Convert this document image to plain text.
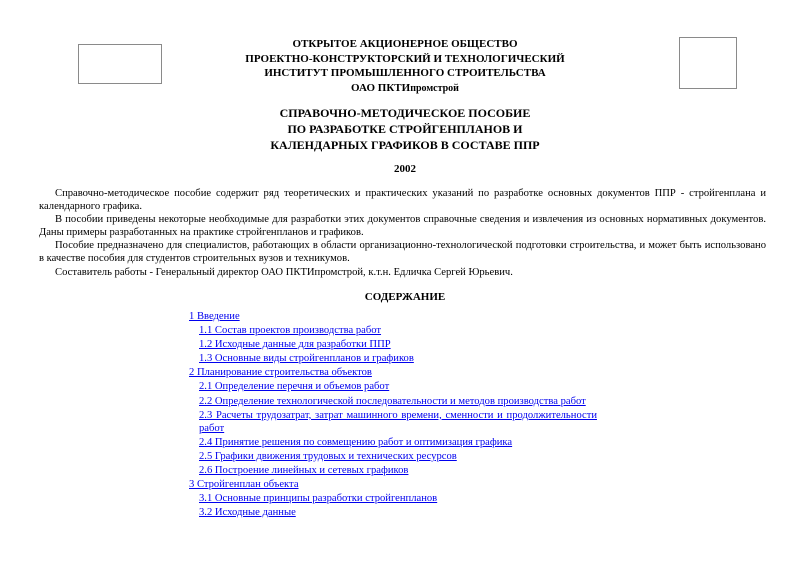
ОТКРЫТОЕ АКЦИОНЕРНОЕ ОБЩЕСТВО
ПРОЕКТНО-КОНСТРУКТОРСКИЙ И ТЕХНОЛОГИЧЕСКИЙ
ИНСТИТУТ ПРОМЫШЛЕННОГО СТРОИТЕЛЬСТВА
ОАО ПКТИпромстрой
СПРАВОЧНО-МЕТОДИЧЕСКОЕ ПОСОБИЕ
ПО РАЗРАБОТКЕ СТРОЙГЕНПЛАНОВ И
КАЛЕНДАРНЫХ ГРАФИКОВ В СОСТАВЕ ППР
2002

Справочно-методическое пособие содержит ряд теоретических и практических указаний по разработке основных документов ППР - стройгенплана и календарного графика.

В пособии приведены некоторые необходимые для разработки этих документов справочные сведения и извлечения из основных нормативных документов. Даны примеры разработанных на практике стройгенпланов и графиков.

Пособие предназначено для специалистов, работающих в области организационно-технологической подготовки строительства, и может быть использовано в качестве пособия для студентов строительных вузов и техникумов.

Составитель работы - Генеральный директор ОАО ПКТИпромстрой, к.т.н. Едличка Сергей Юрьевич.

СОДЕРЖАНИЕ
1 Введение
1.1 Состав проектов производства работ
1.2 Исходные данные для разработки ППР
1.3 Основные виды стройгенпланов и графиков
2 Планирование строительства объектов
2.1 Определение перечня и объемов работ
2.2 Определение технологической последовательности и методов производства работ
2.3 Расчеты трудозатрат, затрат машинного времени, сменности и продолжительности работ
2.4 Принятие решения по совмещению работ и оптимизация графика
2.5 Графики движения трудовых и технических ресурсов
2.6 Построение линейных и сетевых графиков
3 Стройгенплан объекта
3.1 Основные принципы разработки стройгенпланов
3.2 Исходные данные
